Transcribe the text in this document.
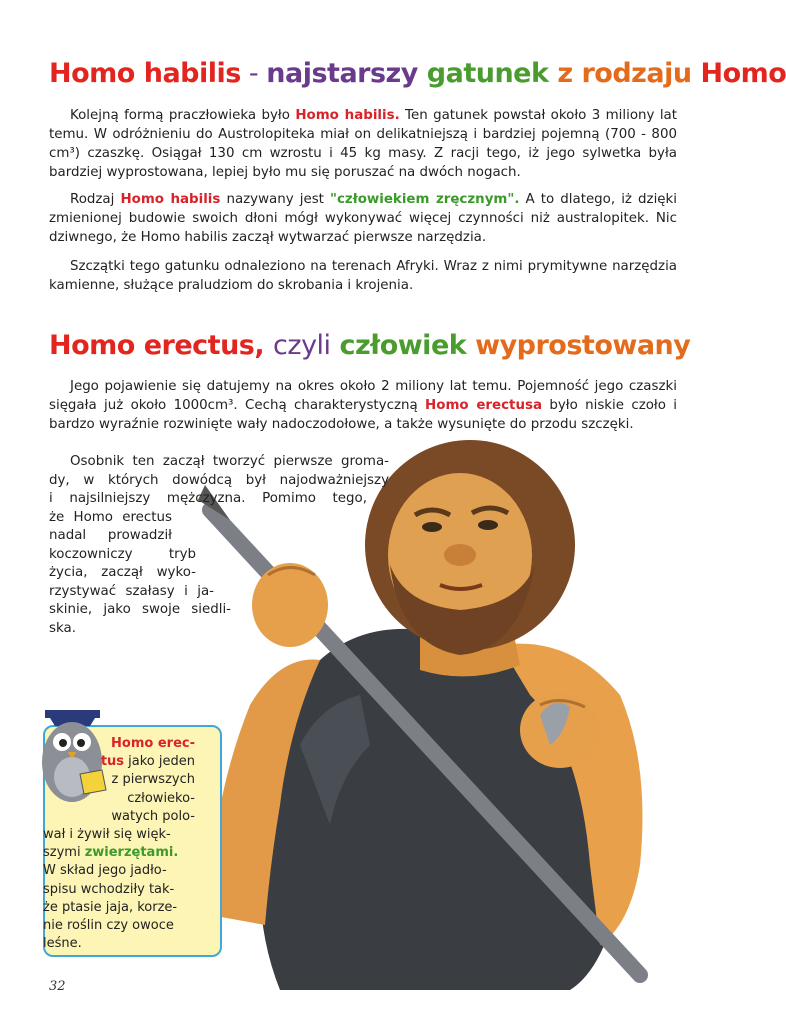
Homo habilis - najstarszy gatunek z rodzaju Homo

Kolejną formą praczłowieka było Homo habilis. Ten gatunek powstał około 3 miliony lat temu. W odróżnieniu do Austrolopiteka miał on delikatniejszą i bardziej pojemną (700 - 800 cm³) czaszkę. Osiągał 130 cm wzrostu i 45 kg masy. Z racji tego, iż jego sylwetka była bardziej wyprostowana, lepiej było mu się poruszać na dwóch nogach.

Rodzaj Homo habilis nazywany jest "człowiekiem zręcznym". A to dlatego, iż dzięki zmienionej budowie swoich dłoni mógł wykonywać więcej czynności niż australopitek. Nic dziwnego, że Homo habilis zaczął wytwarzać pierwsze narzędzia.

Szczątki tego gatunku odnaleziono na terenach Afryki. Wraz z nimi prymitywne narzędzia kamienne, służące praludziom do skrobania i krojenia.

Homo erectus, czyli człowiek wyprostowany

Jego pojawienie się datujemy na okres około 2 miliony lat temu. Pojemność jego czaszki sięgała już około 1000cm³. Cechą charakterystyczną Homo erectusa było niskie czoło i bardzo wyraźnie rozwinięte wały nadoczodołowe, a także wysunięte do przodu szczęki.

Osobnik ten zaczął tworzyć pierwsze groma-
dy, w których dowódcą był najodważniejszy
i najsilniejszy mężczyzna. Pomimo tego,
że Homo erectus
nadal prowadził
koczowniczy tryb
życia, zaczął wyko-
rzystywać szałasy i ja-
skinie, jako swoje siedli-
ska.
Homo erec-
tus jako jeden
z pierwszych
człowieko-
watych polo-
wał i żywił się więk-
szymi zwierzętami.
W skład jego jadło-
spisu wchodziły tak-
że ptasie jaja, korze-
nie roślin czy owoce
leśne.
32
